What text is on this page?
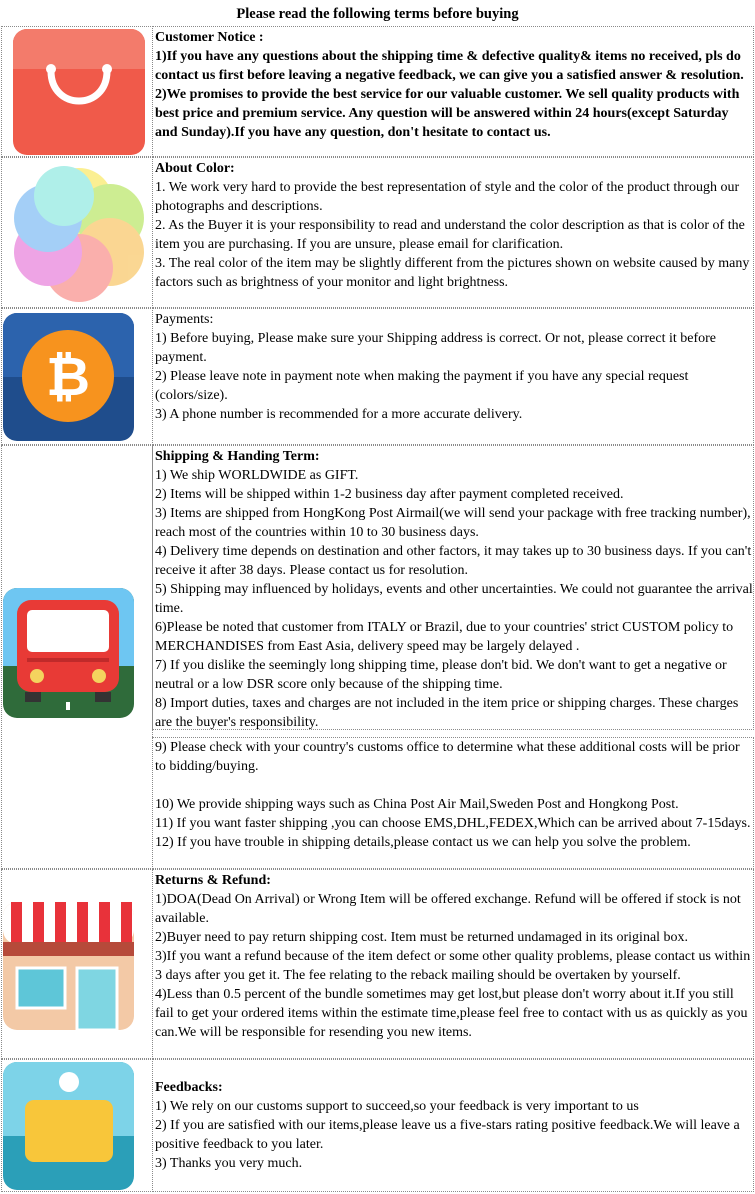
Please read the following terms before buying

Customer Notice :

1)If you have any questions about the shipping time & defective quality& items no received, pls do contact us first before leaving a negative feedback, we can give you a satisfied answer & resolution.

2)We promises to provide the best service for our valuable customer. We sell quality products with best price and premium service. Any question will be answered within 24 hours(except Saturday and Sunday).If you have any question, don't hesitate to contact us.

About Color:

1. We work very hard to provide the best representation of style and the color of the product through our photographs and descriptions.

2. As the Buyer it is your responsibility to read and understand the color description as that is color of the item you are purchasing. If you are unsure, please email for clarification.

3. The real color of the item may be slightly different from the pictures shown on website caused by many factors such as brightness of your monitor and light brightness.

₿

Payments:

1) Before buying, Please make sure your Shipping address is correct. Or not, please correct it before payment.

2) Please leave note in payment note when making the payment if you have any special request (colors/size).

3) A phone number is recommended for a more accurate delivery.

Shipping & Handing Term:

1) We ship WORLDWIDE as GIFT.

2) Items will be shipped within 1-2 business day after payment completed received.

3) Items are shipped from HongKong Post Airmail(we will send your package with free tracking number), reach most of the countries within 10 to 30 business days.

4) Delivery time depends on destination and other factors, it may takes up to 30 business days. If you can't receive it after 38 days. Please contact us for resolution.

5) Shipping may influenced by holidays, events and other uncertainties. We could not guarantee the arrival time.

6)Please be noted that customer from ITALY or Brazil, due to your countries' strict CUSTOM policy to MERCHANDISES from East Asia, delivery speed may be largely delayed .

7) If you dislike the seemingly long shipping time, please don't bid. We don't want to get a negative or neutral or a low DSR score only because of the shipping time.

8) Import duties, taxes and charges are not included in the item price or shipping charges. These charges are the buyer's responsibility.

9) Please check with your country's customs office to determine what these additional costs will be prior to bidding/buying.

10) We provide shipping ways such as China Post Air Mail,Sweden Post and Hongkong Post.

11) If you want faster shipping ,you can choose EMS,DHL,FEDEX,Which can be arrived about 7-15days.

12) If you have trouble in shipping details,please contact us we can help you solve the problem.

Returns & Refund:

1)DOA(Dead On Arrival) or Wrong Item will be offered exchange. Refund will be offered if stock is not available.

2)Buyer need to pay return shipping cost. Item must be returned undamaged in its original box.

3)If you want a refund because of the item defect or some other quality problems, please contact us within 3 days after you get it. The fee relating to the reback mailing should be overtaken by yourself.

4)Less than 0.5 percent of the bundle sometimes may get lost,but please don't worry about it.If you still fail to get your ordered items within the estimate time,please feel free to contact with us as quickly as you can.We will be responsible for resending you new items.

Feedbacks:

1) We rely on our customs support to succeed,so your feedback is very important to us

2) If you are satisfied with our items,please leave us a five-stars rating positive feedback.We will leave a positive feedback to you later.

3) Thanks you very much.
